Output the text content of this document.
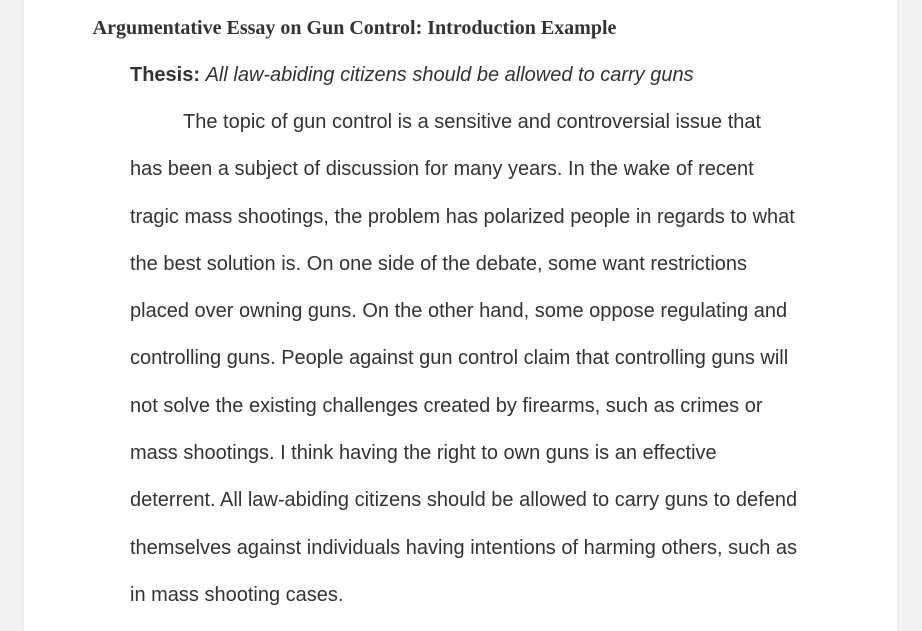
Argumentative Essay on Gun Control: Introduction Example

Thesis: All law-abiding citizens should be allowed to carry guns

The topic of gun control is a sensitive and controversial issue that
has been a subject of discussion for many years. In the wake of recent
tragic mass shootings, the problem has polarized people in regards to what
the best solution is. On one side of the debate, some want restrictions
placed over owning guns. On the other hand, some oppose regulating and
controlling guns. People against gun control claim that controlling guns will
not solve the existing challenges created by firearms, such as crimes or
mass shootings. I think having the right to own guns is an effective
deterrent. All law-abiding citizens should be allowed to carry guns to defend
themselves against individuals having intentions of harming others, such as
in mass shooting cases.
